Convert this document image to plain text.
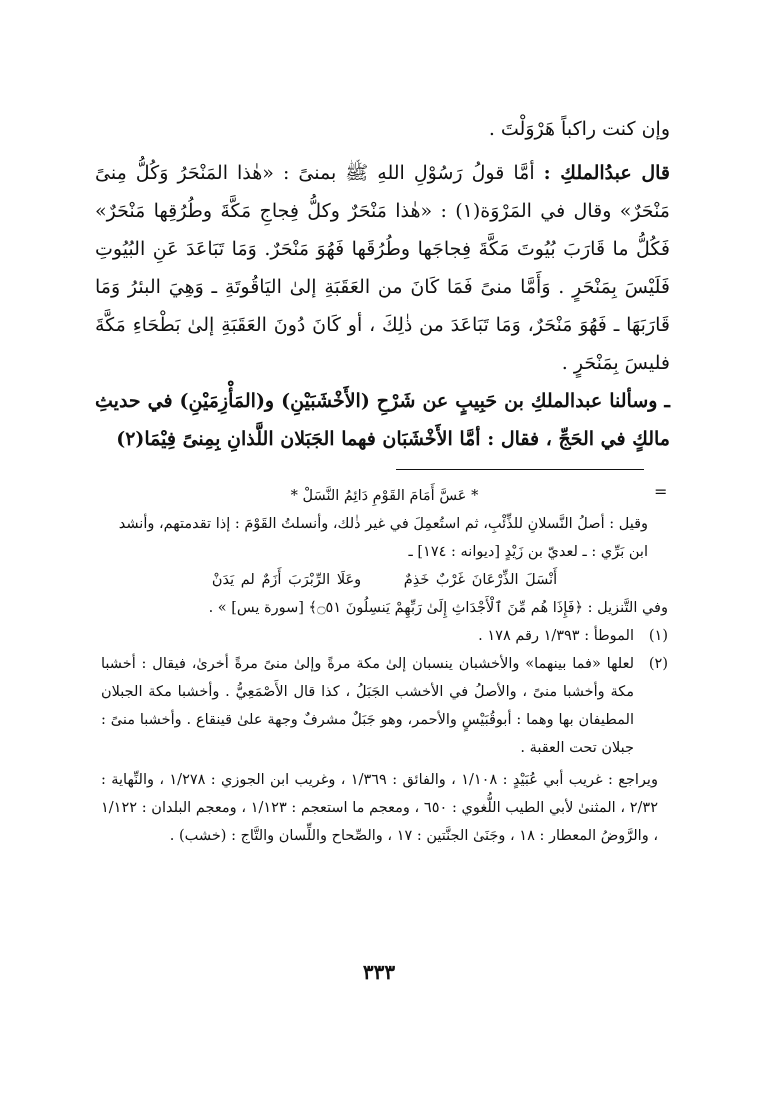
وإن كنت راكباً هَرْوَلْتَ .

قال عبدُالملكِ : أمَّا قولُ رَسُوْلِ اللهِ ﷺ بمنىً : «هٰذا المَنْحَرُ وَكُلُّ مِنىً مَنْحَرٌ» وقال في المَرْوَة(١) : «هٰذا مَنْحَرٌ وكلُّ فِجاجِ مَكَّةَ وطُرُقِها مَنْحَرٌ» فَكُلُّ ما قَارَبَ بُيُوتَ مَكَّةَ فِجاجَها وطُرُقَها فَهُوَ مَنْحَرٌ. وَمَا تَبَاعَدَ عَنِ البُيُوتِ فَلَيْسَ بِمَنْحَرٍ . وَأَمَّا منىً فَمَا كَانَ من العَقَبَةِ إلىٰ اليَاقُوتَةِ ـ وَهِيَ البئرُ وَمَا قَارَبَهَا ـ فَهُوَ مَنْحَرٌ، وَمَا تَبَاعَدَ من ذٰلِكَ ، أو كَانَ دُونَ العَقَبَةِ إلىٰ بَطْحَاءِ مَكَّةَ فليسَ بِمَنْحَرٍ .

ـ وسألنا عبدالملكِ بن حَبِيبٍ عن شَرْحِ (الأَخْشَبَيْنِ) و(المَأْزِمَيْنِ) في حديثِ مالكٍ في الحَجِّ ، فقال : أمَّا الأَخْشَبَان فهما الجَبَلان اللَّذانِ بِمِنىً فِيْمَا(٢)

=

* عَسَّ أَمَامَ القَوْمِ دَائِمُ النَّسَلْ *

وقيل : أصلُ النَّسلانِ للذِّئْبِ، ثم استُعمِلَ في غير ذٰلك، وأنسلتُ القَوْمَ : إذا تقدمتهم، وأنشد ابن بَرِّي : ـ لعديّ بن زَيْدٍ [ديوانه : ١٧٤] ـ

أَنْسَلَ الذِّرْعَانَ غَرْبٌ خَذِمٌ وعَلَا الرِّبْرَبَ أَزَمٌ لم يَدَنْ

وفي التَّنزيل : ﴿فَإِذَا هُم مِّنَ ٱلْأَجْدَاثِ إِلَىٰ رَبِّهِمْ يَنسِلُونَ ۝٥١﴾ [سورة يس] » .

(١)
الموطأ : ١/٣٩٣ رقم ١٧٨ .
(٢)
لعلها «فما بينهما» والأخشبان ينسبان إلىٰ مكة مرةً وإلىٰ منىً مرةً أخرىٰ، فيقال : أخشبا مكة وأخشبا منىً ، والأصلُ في الأخشب الجَبَلُ ، كذا قال الأَصْمَعِيُّ . وأخشبا مكة الجبلان المطيفان بها وهما : أبوقُبَيْسٍ والأحمر، وهو جَبَلٌ مشرفٌ وجهة علىٰ قينقاع . وأخشبا منىً : جبلان تحت العقبة .

ويراجع : غريب أبي عُبَيْدٍ : ١/١٠٨ ، والفائق : ١/٣٦٩ ، وغريب ابن الجوزي : ١/٢٧٨ ، والنِّهاية : ٢/٣٢ ، المثنىٰ لأبي الطيب اللُّغوي : ٦٥٠ ، ومعجم ما استعجم : ١/١٢٣ ، ومعجم البلدان : ١/١٢٢ ، والرَّوضُ المعطار : ١٨ ، وجَنَىٰ الجنَّتين : ١٧ ، والصِّحاح واللِّسان والتَّاج : (خشب) .

٣٣٣
